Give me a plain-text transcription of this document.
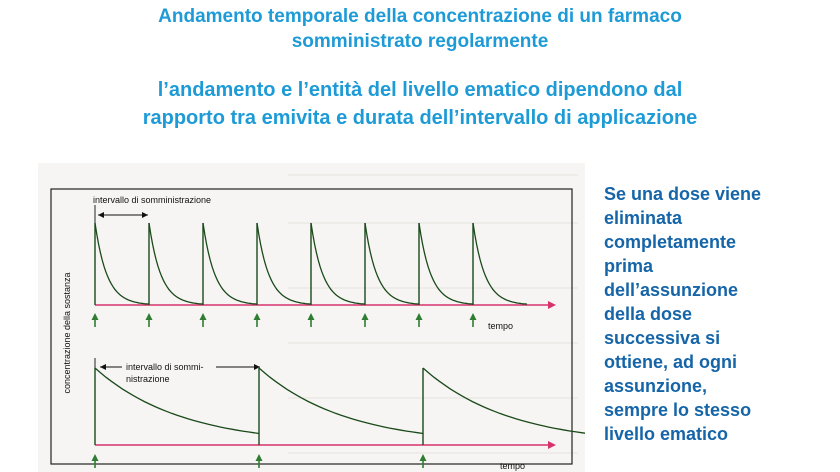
Andamento temporale della concentrazione di un farmaco
somministrato regolarmente
l’andamento e l’entità del livello ematico dipendono dal
rapporto tra emivita e durata dell’intervallo di applicazione
concentrazione della sostanza	tempo
intervallo di somministrazione
tempo
intervallo di sommi-
nistrazione
Se una dose viene
eliminata
completamente
prima
dell’assunzione
della dose
successiva si
ottiene, ad ogni
assunzione,
sempre lo stesso
livello ematico
